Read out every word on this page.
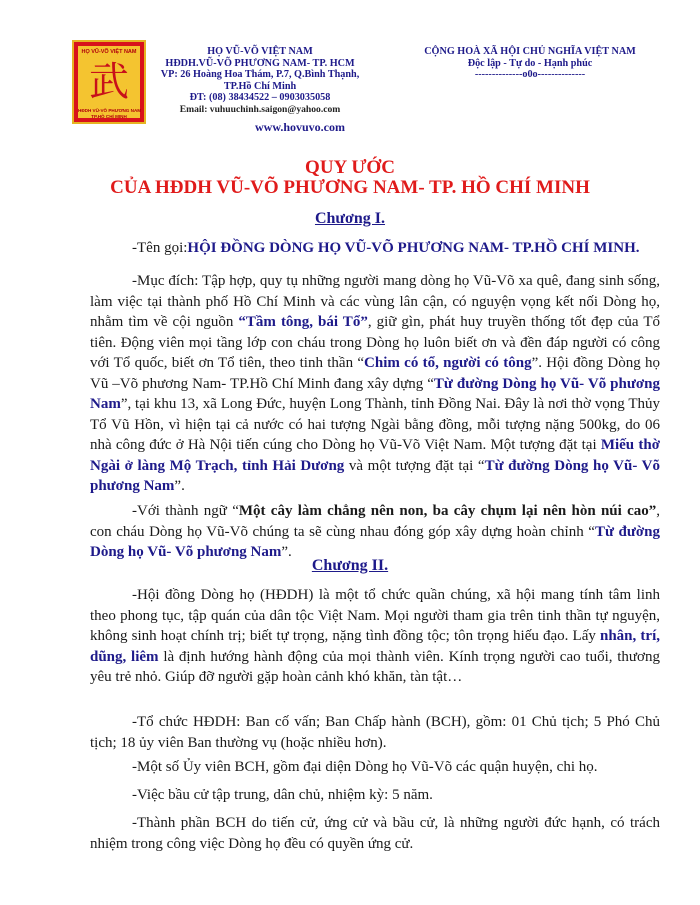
HỌ VŨ-VÕ VIỆT NAM
武
HĐDH VŨ-VÕ PHƯƠNG NAM
TP.HỒ CHÍ MINH
HỌ VŨ-VÕ VIỆT NAM
HĐDH.VŨ-VÕ PHƯƠNG NAM- TP. HCM
VP: 26 Hoàng Hoa Thám, P.7, Q.Bình Thạnh,
TP.Hồ Chí Minh
ĐT: (08) 38434522 – 0903035058
Email: vuhuuchinh.saigon@yahoo.com
www.hovuvo.com
CỘNG HOÀ XÃ HỘI CHỦ NGHĨA VIỆT NAM
Độc lập - Tự do - Hạnh phúc
--------------o0o--------------
QUY ƯỚC
CỦA HĐDH VŨ-VÕ PHƯƠNG NAM- TP. HỒ CHÍ MINH
Chương I.
-Tên gọi:HỘI ĐỒNG DÒNG HỌ VŨ-VÕ PHƯƠNG NAM- TP.HỒ CHÍ MINH.
-Mục đích: Tập hợp, quy tụ những người mang dòng họ Vũ-Võ xa quê, đang sinh sống, làm việc tại thành phố Hồ Chí Minh và các vùng lân cận, có nguyện vọng kết nối Dòng họ, nhằm tìm về cội nguồn “Tầm tông, bái Tổ”, giữ gìn, phát huy truyền thống tốt đẹp của Tổ tiên. Động viên mọi tầng lớp con cháu trong Dòng họ luôn biết ơn và đền đáp người có công với Tổ quốc, biết ơn Tổ tiên, theo tinh thần “Chim có tổ, người có tông”. Hội đồng Dòng họ Vũ –Võ phương Nam- TP.Hồ Chí Minh đang xây dựng “Từ đường Dòng họ Vũ- Võ phương Nam”, tại khu 13, xã Long Đức, huyện Long Thành, tỉnh Đồng Nai. Đây là nơi thờ vọng Thủy Tổ Vũ Hồn, vì hiện tại cả nước có hai tượng Ngài bằng đồng, mỗi tượng nặng 500kg, do 06 nhà công đức ở Hà Nội tiến cúng cho Dòng họ Vũ-Võ Việt Nam. Một tượng đặt tại Miếu thờ Ngài ở làng Mộ Trạch, tỉnh Hải Dương và một tượng đặt tại “Từ đường Dòng họ Vũ- Võ phương Nam”.
-Với thành ngữ “Một cây làm chẳng nên non, ba cây chụm lại nên hòn núi cao”, con cháu Dòng họ Vũ-Võ chúng ta sẽ cùng nhau đóng góp xây dựng hoàn chỉnh “Từ đường Dòng họ Vũ- Võ phương Nam”.
Chương II.
-Hội đồng Dòng họ (HĐDH) là một tổ chức quần chúng, xã hội mang tính tâm linh theo phong tục, tập quán của dân tộc Việt Nam. Mọi người tham gia trên tinh thần tự nguyện, không sinh hoạt chính trị; biết tự trọng, nặng tình đồng tộc; tôn trọng hiếu đạo. Lấy nhân, trí, dũng, liêm là định hướng hành động của mọi thành viên. Kính trọng người cao tuổi, thương yêu trẻ nhỏ. Giúp đỡ người gặp hoàn cảnh khó khăn, tàn tật…
-Tổ chức HĐDH: Ban cố vấn; Ban Chấp hành (BCH), gồm: 01 Chủ tịch; 5 Phó Chủ tịch; 18 ủy viên Ban thường vụ (hoặc nhiều hơn).
-Một số Ủy viên BCH, gồm đại diện Dòng họ Vũ-Võ các quận huyện, chi họ.
-Việc bầu cử tập trung, dân chủ, nhiệm kỳ: 5 năm.
-Thành phần BCH do tiến cử, ứng cử và bầu cử, là những người đức hạnh, có trách nhiệm trong công việc Dòng họ đều có quyền ứng cử.
